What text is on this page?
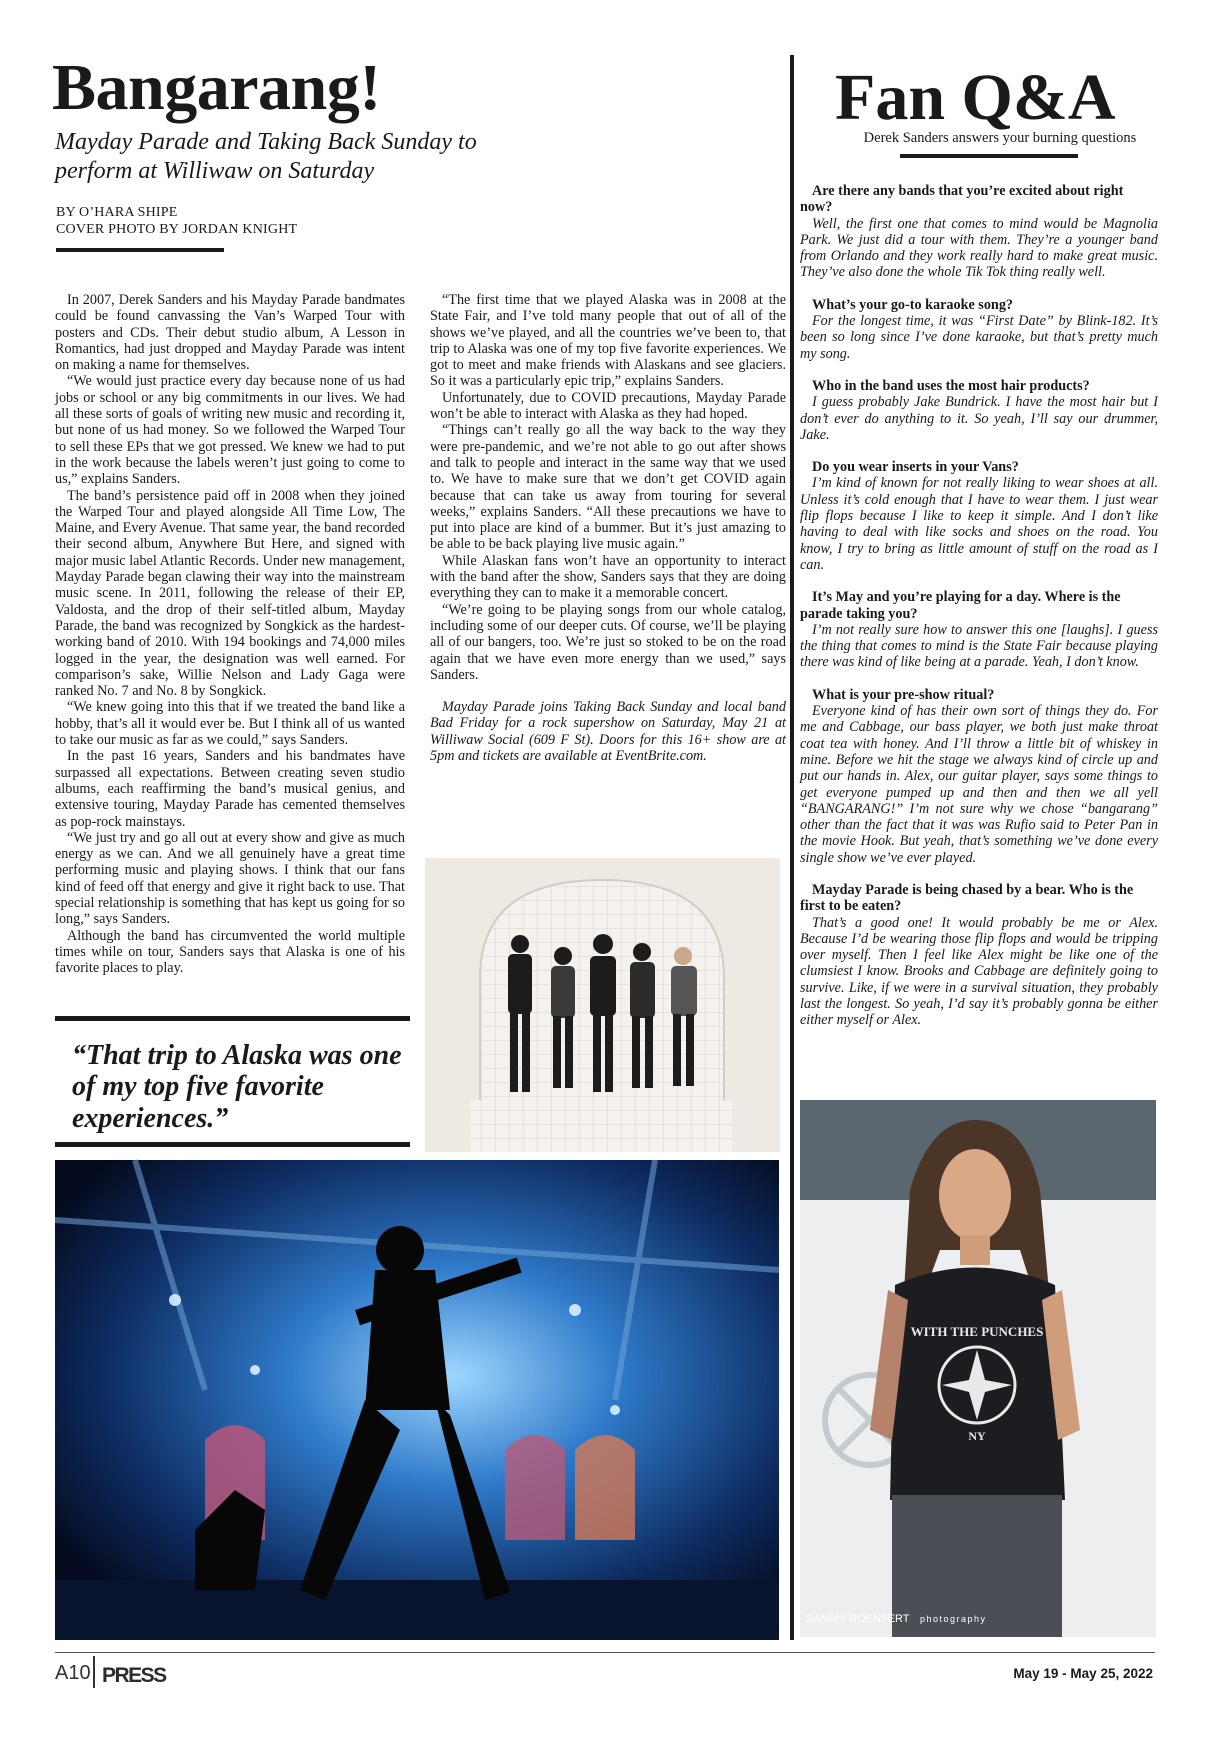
Bangarang!
Mayday Parade and Taking Back Sunday to perform at Williwaw on Saturday
BY O’HARA SHIPE
COVER PHOTO BY JORDAN KNIGHT

In 2007, Derek Sanders and his Mayday Parade bandmates could be found canvassing the Van’s Warped Tour with posters and CDs. Their debut studio album, A Lesson in Romantics, had just dropped and Mayday Parade was intent on making a name for themselves.

“We would just practice every day because none of us had jobs or school or any big commitments in our lives. We had all these sorts of goals of writing new music and recording it, but none of us had money. So we followed the Warped Tour to sell these EPs that we got pressed. We knew we had to put in the work because the labels weren’t just going to come to us,” explains Sanders.

The band’s persistence paid off in 2008 when they joined the Warped Tour and played alongside All Time Low, The Maine, and Every Avenue. That same year, the band recorded their second album, Anywhere But Here, and signed with major music label Atlantic Records. Under new management, Mayday Parade began clawing their way into the mainstream music scene. In 2011, following the release of their EP, Valdosta, and the drop of their self-titled album, Mayday Parade, the band was recognized by Songkick as the hardest-working band of 2010. With 194 bookings and 74,000 miles logged in the year, the designation was well earned. For comparison’s sake, Willie Nelson and Lady Gaga were ranked No. 7 and No. 8 by Songkick.

“We knew going into this that if we treated the band like a hobby, that’s all it would ever be. But I think all of us wanted to take our music as far as we could,” says Sanders.

In the past 16 years, Sanders and his bandmates have surpassed all expectations. Between creating seven studio albums, each reaffirming the band’s musical genius, and extensive touring, Mayday Parade has cemented themselves as pop-rock mainstays.

“We just try and go all out at every show and give as much energy as we can. And we all genuinely have a great time performing music and playing shows. I think that our fans kind of feed off that energy and give it right back to use. That special relationship is something that has kept us going for so long,” says Sanders.

Although the band has circumvented the world multiple times while on tour, Sanders says that Alaska is one of his favorite places to play.

“The first time that we played Alaska was in 2008 at the State Fair, and I’ve told many people that out of all of the shows we’ve played, and all the countries we’ve been to, that trip to Alaska was one of my top five favorite experiences. We got to meet and make friends with Alaskans and see glaciers. So it was a particularly epic trip,” explains Sanders.

Unfortunately, due to COVID precautions, Mayday Parade won’t be able to interact with Alaska as they had hoped.

“Things can’t really go all the way back to the way they were pre-pandemic, and we’re not able to go out after shows and talk to people and interact in the same way that we used to. We have to make sure that we don’t get COVID again because that can take us away from touring for several weeks,” explains Sanders. “All these precautions we have to put into place are kind of a bummer. But it’s just amazing to be able to be back playing live music again.”

While Alaskan fans won’t have an opportunity to interact with the band after the show, Sanders says that they are doing everything they can to make it a memorable concert.

“We’re going to be playing songs from our whole catalog, including some of our deeper cuts. Of course, we’ll be playing all of our bangers, too. We’re just so stoked to be on the road again that we have even more energy than we used,” says Sanders.

Mayday Parade joins Taking Back Sunday and local band Bad Friday for a rock supershow on Saturday, May 21 at Williwaw Social (609 F St). Doors for this 16+ show are at 5pm and tickets are available at EventBrite.com.

“That trip to Alaska was one of my top five favorite experiences.”
Fan Q&A
Derek Sanders answers your burning questions
Are there any bands that you’re excited about right now?
Well, the first one that comes to mind would be Magnolia Park. We just did a tour with them. They’re a younger band from Orlando and they work really hard to make great music. They’ve also done the whole Tik Tok thing really well.
What’s your go-to karaoke song?
For the longest time, it was “First Date” by Blink-182. It’s been so long since I’ve done karaoke, but that’s pretty much my song.
Who in the band uses the most hair products?
I guess probably Jake Bundrick. I have the most hair but I don’t ever do anything to it. So yeah, I’ll say our drummer, Jake.
Do you wear inserts in your Vans?
I’m kind of known for not really liking to wear shoes at all. Unless it’s cold enough that I have to wear them. I just wear flip flops because I like to keep it simple. And I don’t like having to deal with like socks and shoes on the road. You know, I try to bring as little amount of stuff on the road as I can.
It’s May and you’re playing for a day. Where is the parade taking you?
I’m not really sure how to answer this one [laughs]. I guess the thing that comes to mind is the State Fair because playing there was kind of like being at a parade. Yeah, I don’t know.
What is your pre-show ritual?
Everyone kind of has their own sort of things they do. For me and Cabbage, our bass player, we both just make throat coat tea with honey. And I’ll throw a little bit of whiskey in mine. Before we hit the stage we always kind of circle up and put our hands in. Alex, our guitar player, says some things to get everyone pumped up and then and then we all yell “BANGARANG!” I’m not sure why we chose “bangarang” other than the fact that it was was Rufio said to Peter Pan in the movie Hook. But yeah, that’s something we’ve done every single show we’ve ever played.
Mayday Parade is being chased by a bear. Who is the first to be eaten?
That’s a good one! It would probably be me or Alex. Because I’d be wearing those flip flops and would be tripping over myself. Then I feel like Alex might be like one of the clumsiest I know. Brooks and Cabbage are definitely going to survive. Like, if we were in a survival situation, they probably last the longest. So yeah, I’d say it’s probably gonna be either either myself or Alex.
WITH THE PUNCHES
NY
SAMMY ROENFERT photography
A10 PRESS	May 19 - May 25, 2022
